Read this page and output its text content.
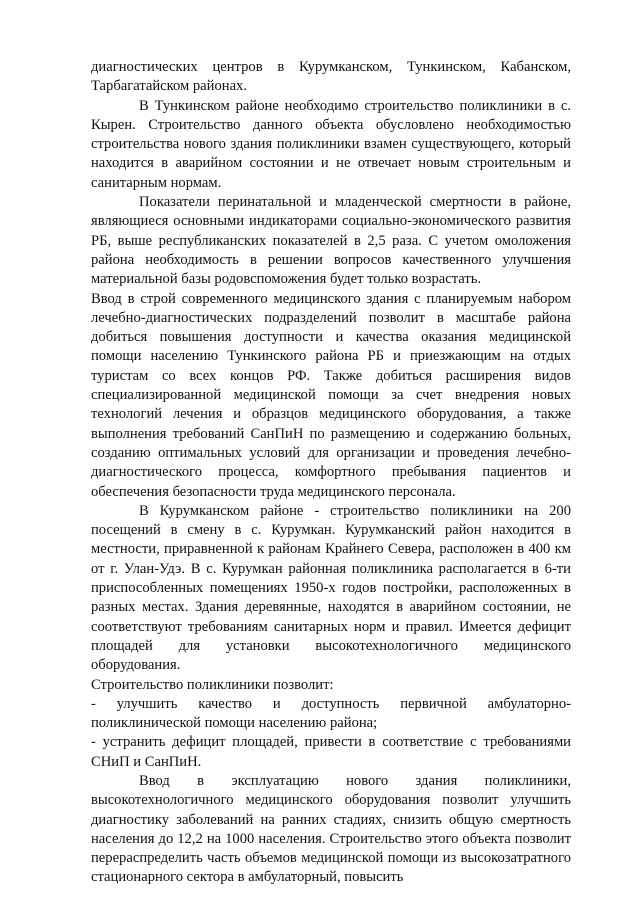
диагностических центров в Курумканском, Тункинском, Кабанском, Тарбагатайском районах.

В Тункинском районе необходимо строительство поликлиники в с. Кырен. Строительство данного объекта обусловлено необходимостью строительства нового здания поликлиники взамен существующего, который находится в аварийном состоянии и не отвечает новым строительным и санитарным нормам.

Показатели перинатальной и младенческой смертности в районе, являющиеся основными индикаторами социально-экономического развития РБ, выше республиканских показателей в 2,5 раза. С учетом омоложения района необходимость в решении вопросов качественного улучшения материальной базы родовспоможения будет только возрастать.

Ввод в строй современного медицинского здания с планируемым набором лечебно-диагностических подразделений позволит в масштабе района добиться повышения доступности и качества оказания медицинской помощи населению Тункинского района РБ и приезжающим на отдых туристам со всех концов РФ. Также добиться расширения видов специализированной медицинской помощи за счет внедрения новых технологий лечения и образцов медицинского оборудования, а также выполнения требований СанПиН по размещению и содержанию больных, созданию оптимальных условий для организации и проведения лечебно-диагностического процесса, комфортного пребывания пациентов и обеспечения безопасности труда медицинского персонала.

В Курумканском районе - строительство поликлиники на 200 посещений в смену в с. Курумкан. Курумканский район находится в местности, приравненной к районам Крайнего Севера, расположен в 400 км от г. Улан-Удэ. В с. Курумкан районная поликлиника располагается в 6-ти приспособленных помещениях 1950-х годов постройки, расположенных в разных местах. Здания деревянные, находятся в аварийном состоянии, не соответствуют требованиям санитарных норм и правил. Имеется дефицит площадей для установки высокотехнологичного медицинского оборудования.

Строительство поликлиники позволит:

- улучшить качество и доступность первичной амбулаторно-поликлинической помощи населению района;

- устранить дефицит площадей, привести в соответствие с требованиями СНиП и СанПиН.

Ввод в эксплуатацию нового здания поликлиники, высокотехнологичного медицинского оборудования позволит улучшить диагностику заболеваний на ранних стадиях, снизить общую смертность населения до 12,2 на 1000 населения. Строительство этого объекта позволит перераспределить часть объемов медицинской помощи из высокозатратного стационарного сектора в амбулаторный, повысить
